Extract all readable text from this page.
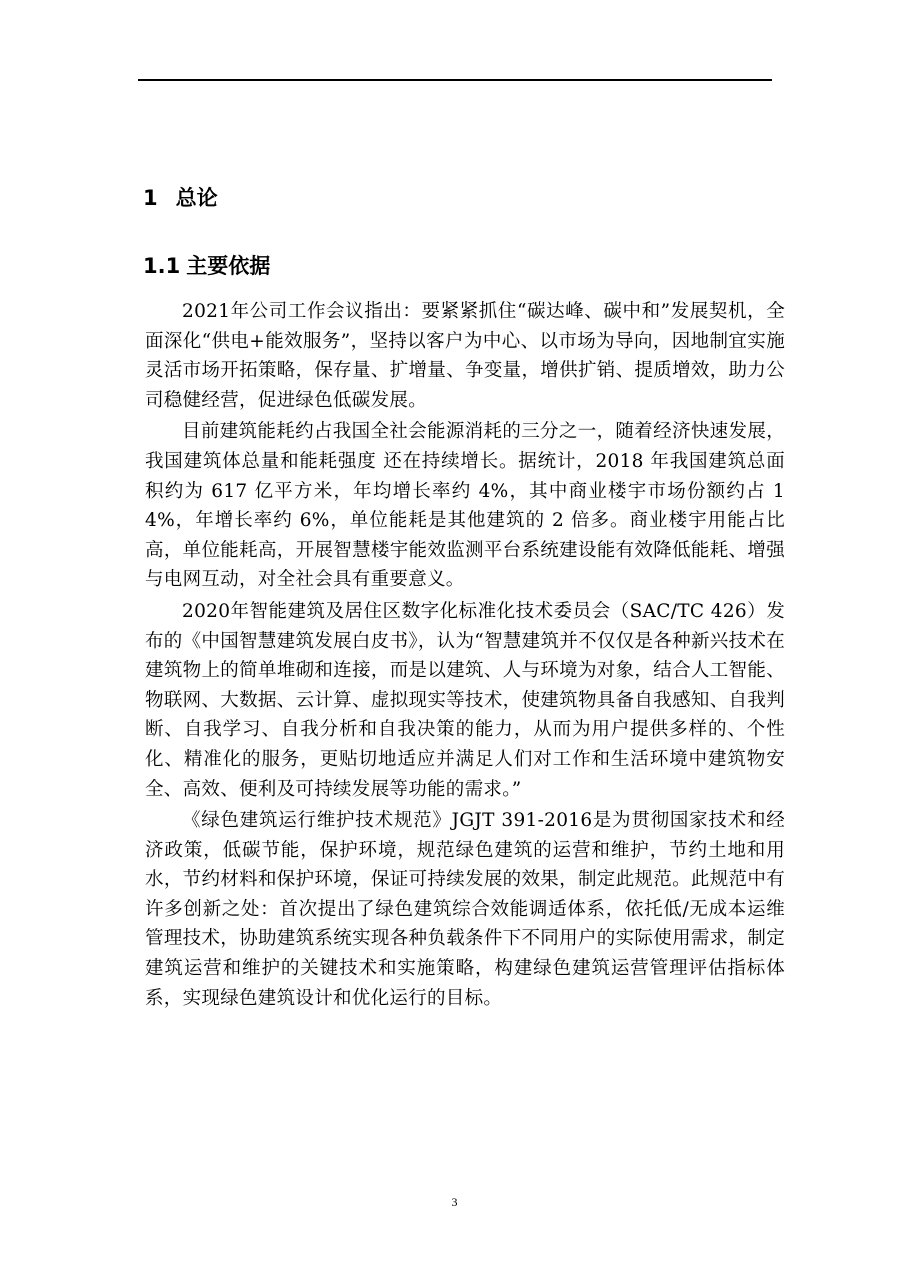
1 总论
1.1 主要依据

2021年公司工作会议指出：要紧紧抓住“碳达峰、碳中和”发展契机，全面深化“供电+能效服务”，坚持以客户为中心、以市场为导向，因地制宜实施灵活市场开拓策略，保存量、扩增量、争变量，增供扩销、提质增效，助力公司稳健经营，促进绿色低碳发展。

目前建筑能耗约占我国全社会能源消耗的三分之一，随着经济快速发展，我国建筑体总量和能耗强度 还在持续增长。据统计，2018 年我国建筑总面积约为 617 亿平方米，年均增长率约 4%，其中商业楼宇市场份额约占 14%，年增长率约 6%，单位能耗是其他建筑的 2 倍多。商业楼宇用能占比高，单位能耗高，开展智慧楼宇能效监测平台系统建设能有效降低能耗、增强与电网互动，对全社会具有重要意义。

2020年智能建筑及居住区数字化标准化技术委员会（SAC/TC 426）发布的《中国智慧建筑发展白皮书》，认为“智慧建筑并不仅仅是各种新兴技术在建筑物上的简单堆砌和连接，而是以建筑、人与环境为对象，结合人工智能、物联网、大数据、云计算、虚拟现实等技术，使建筑物具备自我感知、自我判断、自我学习、自我分析和自我决策的能力，从而为用户提供多样的、个性化、精准化的服务，更贴切地适应并满足人们对工作和生活环境中建筑物安全、高效、便利及可持续发展等功能的需求。”

《绿色建筑运行维护技术规范》JGJT 391-2016是为贯彻国家技术和经济政策，低碳节能，保护环境，规范绿色建筑的运营和维护，节约土地和用水，节约材料和保护环境，保证可持续发展的效果，制定此规范。此规范中有许多创新之处：首次提出了绿色建筑综合效能调适体系，依托低/无成本运维管理技术，协助建筑系统实现各种负载条件下不同用户的实际使用需求，制定建筑运营和维护的关键技术和实施策略，构建绿色建筑运营管理评估指标体系，实现绿色建筑设计和优化运行的目标。

3
